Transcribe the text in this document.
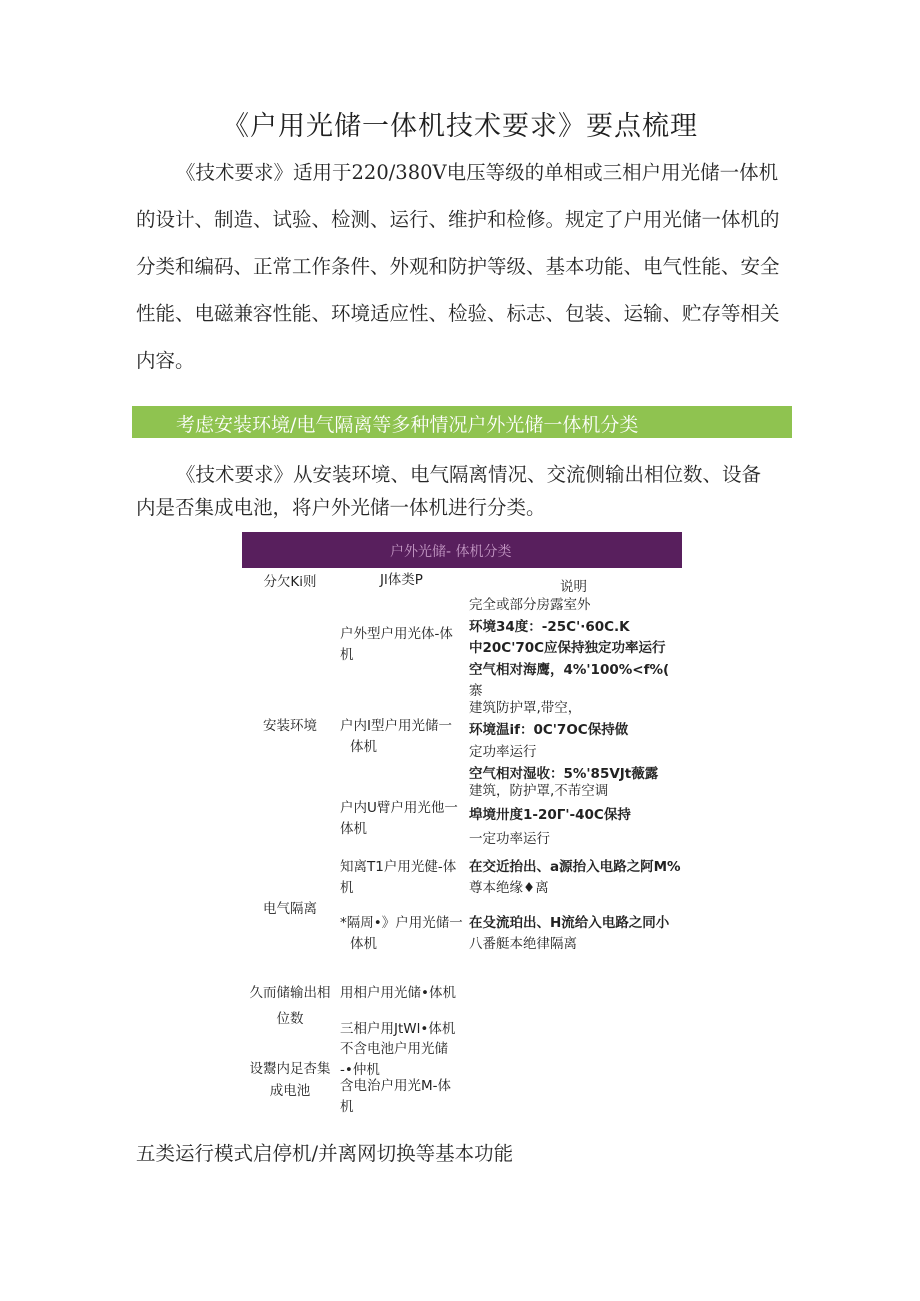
《户用光储一体机技术要求》要点梳理
《技术要求》适用于220/380V电压等级的单相或三相户用光储一体机
的设计、制造、试验、检测、运行、维护和检修。规定了户用光储一体机的
分类和编码、正常工作条件、外观和防护等级、基本功能、电气性能、安全
性能、电磁兼容性能、环境适应性、检验、标志、包装、运输、贮存等相关
内容。
考虑安装环境/电气隔离等多种情况户外光储一体机分类
《技术要求》从安装环境、电气隔离情况、交流侧输出相位数、设备
内是否集成电池，将户外光储一体机进行分类。
户外光储- 体机分类
分欠Ki则	Jl体类P	说明
安装环境
电气隔离
久而储输出相
位数
设鬻内足杏集
成电池
户外型户用光体-体
机
户内I型户用光储一
体机
户内U臂户用光他一
体机
知离T1户用光健-体
机
*隔周•》户用光储一
体机
用相户用光储•体机
三相户用JtWl•体机
不含电池户用光储
-•仲机
含电治户用光M-体
机
完全或部分房露室外
环境34度：-25C'·60C.K
中20C'70C应保持独定功率运行
空气相对海鹰，4%'100%<f%(
寨
建筑防护罩,带空，
环境温if：0C'7OC保持做
定功率运行
空气相对湿收：5%'85VJt薇露
建筑，防护罩,不芾空调
埠境卅度1-20Г'-40C保持
一定功率运行
在交近抬出、a源抬入电路之阿M%
尊本绝缘♦离
在殳流珀出、H流给入电路之同小
八番艇本绝律隔离
五类运行模式启停机/并离网切换等基本功能
